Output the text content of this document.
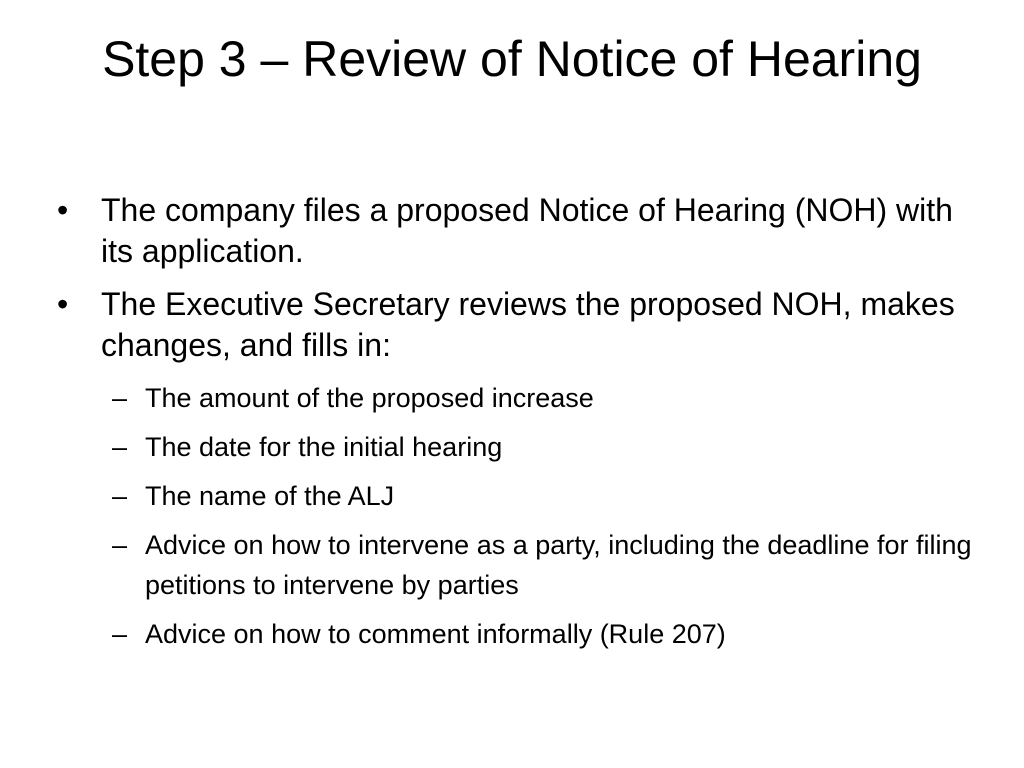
Step 3 – Review of Notice of Hearing
• The company files a proposed Notice of Hearing (NOH) with its application.
• The Executive Secretary reviews the proposed NOH, makes changes, and fills in:
– The amount of the proposed increase
– The date for the initial hearing
– The name of the ALJ
– Advice on how to intervene as a party, including the deadline for filing petitions to intervene by parties
– Advice on how to comment informally (Rule 207)
